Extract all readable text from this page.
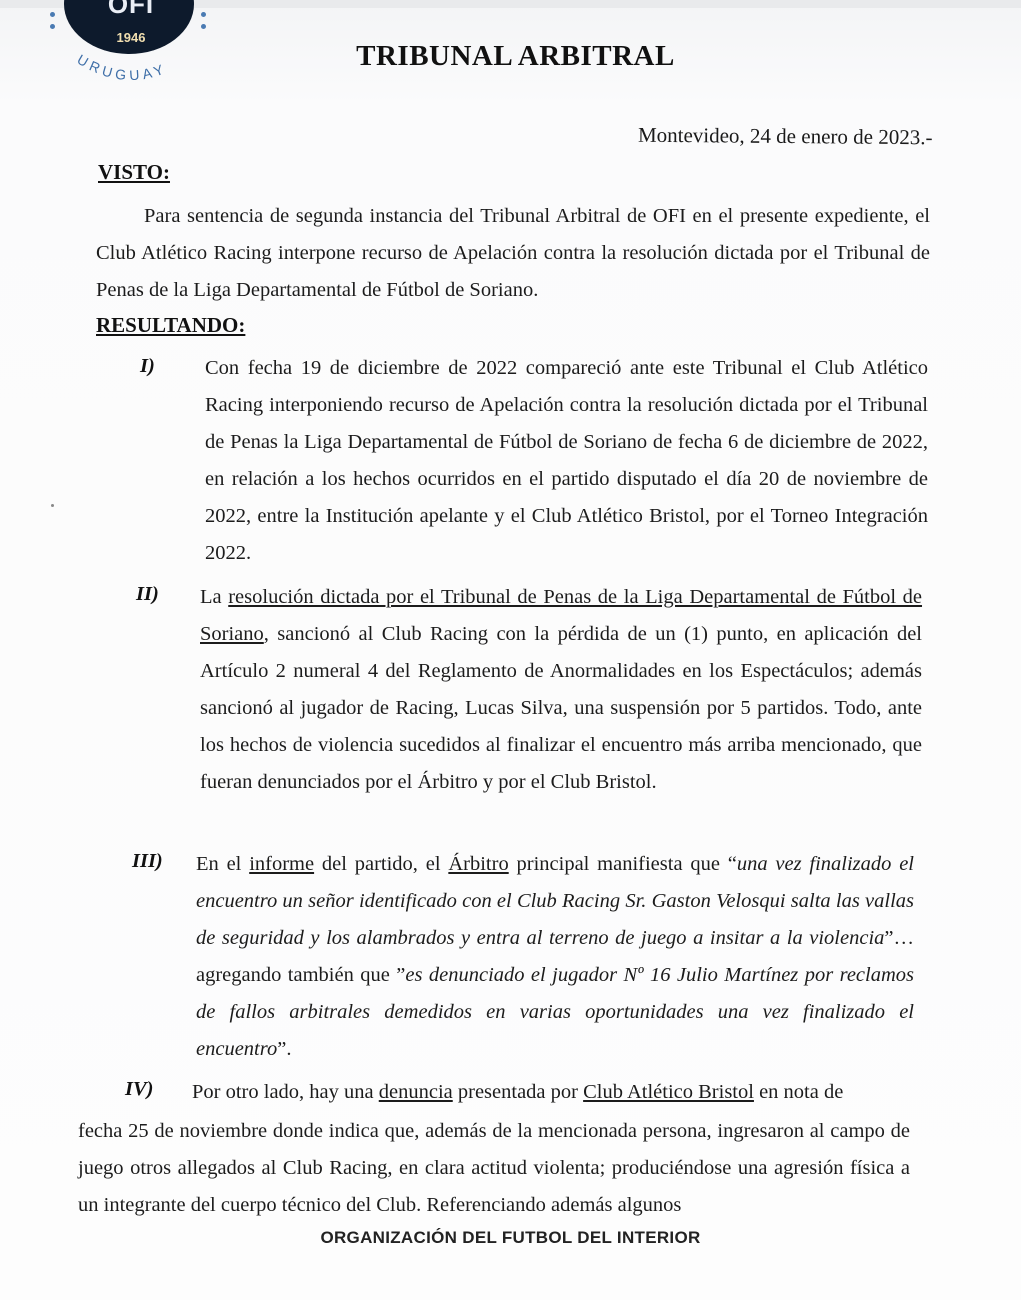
1946
URUGUAY	TRIBUNAL ARBITRAL
Montevideo, 24 de enero de 2023.-
VISTO:
Para sentencia de segunda instancia del Tribunal Arbitral de OFI en el presente expediente, el Club Atlético Racing interpone recurso de Apelación contra la resolución dictada por el Tribunal de Penas de la Liga Departamental de Fútbol de Soriano.
RESULTANDO:
I) Con fecha 19 de diciembre de 2022 compareció ante este Tribunal el Club Atlético Racing interponiendo recurso de Apelación contra la resolución dictada por el Tribunal de Penas la Liga Departamental de Fútbol de Soriano de fecha 6 de diciembre de 2022, en relación a los hechos ocurridos en el partido disputado el día 20 de noviembre de 2022, entre la Institución apelante y el Club Atlético Bristol, por el Torneo Integración 2022.
II) La resolución dictada por el Tribunal de Penas de la Liga Departamental de Fútbol de Soriano, sancionó al Club Racing con la pérdida de un (1) punto, en aplicación del Artículo 2 numeral 4 del Reglamento de Anormalidades en los Espectáculos; además sancionó al jugador de Racing, Lucas Silva, una suspensión por 5 partidos. Todo, ante los hechos de violencia sucedidos al finalizar el encuentro más arriba mencionado, que fueran denunciados por el Árbitro y por el Club Bristol.
III) En el informe del partido, el Árbitro principal manifiesta que “una vez finalizado el encuentro un señor identificado con el Club Racing Sr. Gaston Velosqui salta las vallas de seguridad y los alambrados y entra al terreno de juego a insitar a la violencia”…agregando también que ”es denunciado el jugador Nº 16 Julio Martínez por reclamos de fallos arbitrales demedidos en varias oportunidades una vez finalizado el encuentro”.
IV) Por otro lado, hay una denuncia presentada por Club Atlético Bristol en nota de
fecha 25 de noviembre donde indica que, además de la mencionada persona, ingresaron al campo de juego otros allegados al Club Racing, en clara actitud violenta; produciéndose una agresión física a un integrante del cuerpo técnico del Club. Referenciando además algunos
ORGANIZACIÓN DEL FUTBOL DEL INTERIOR
